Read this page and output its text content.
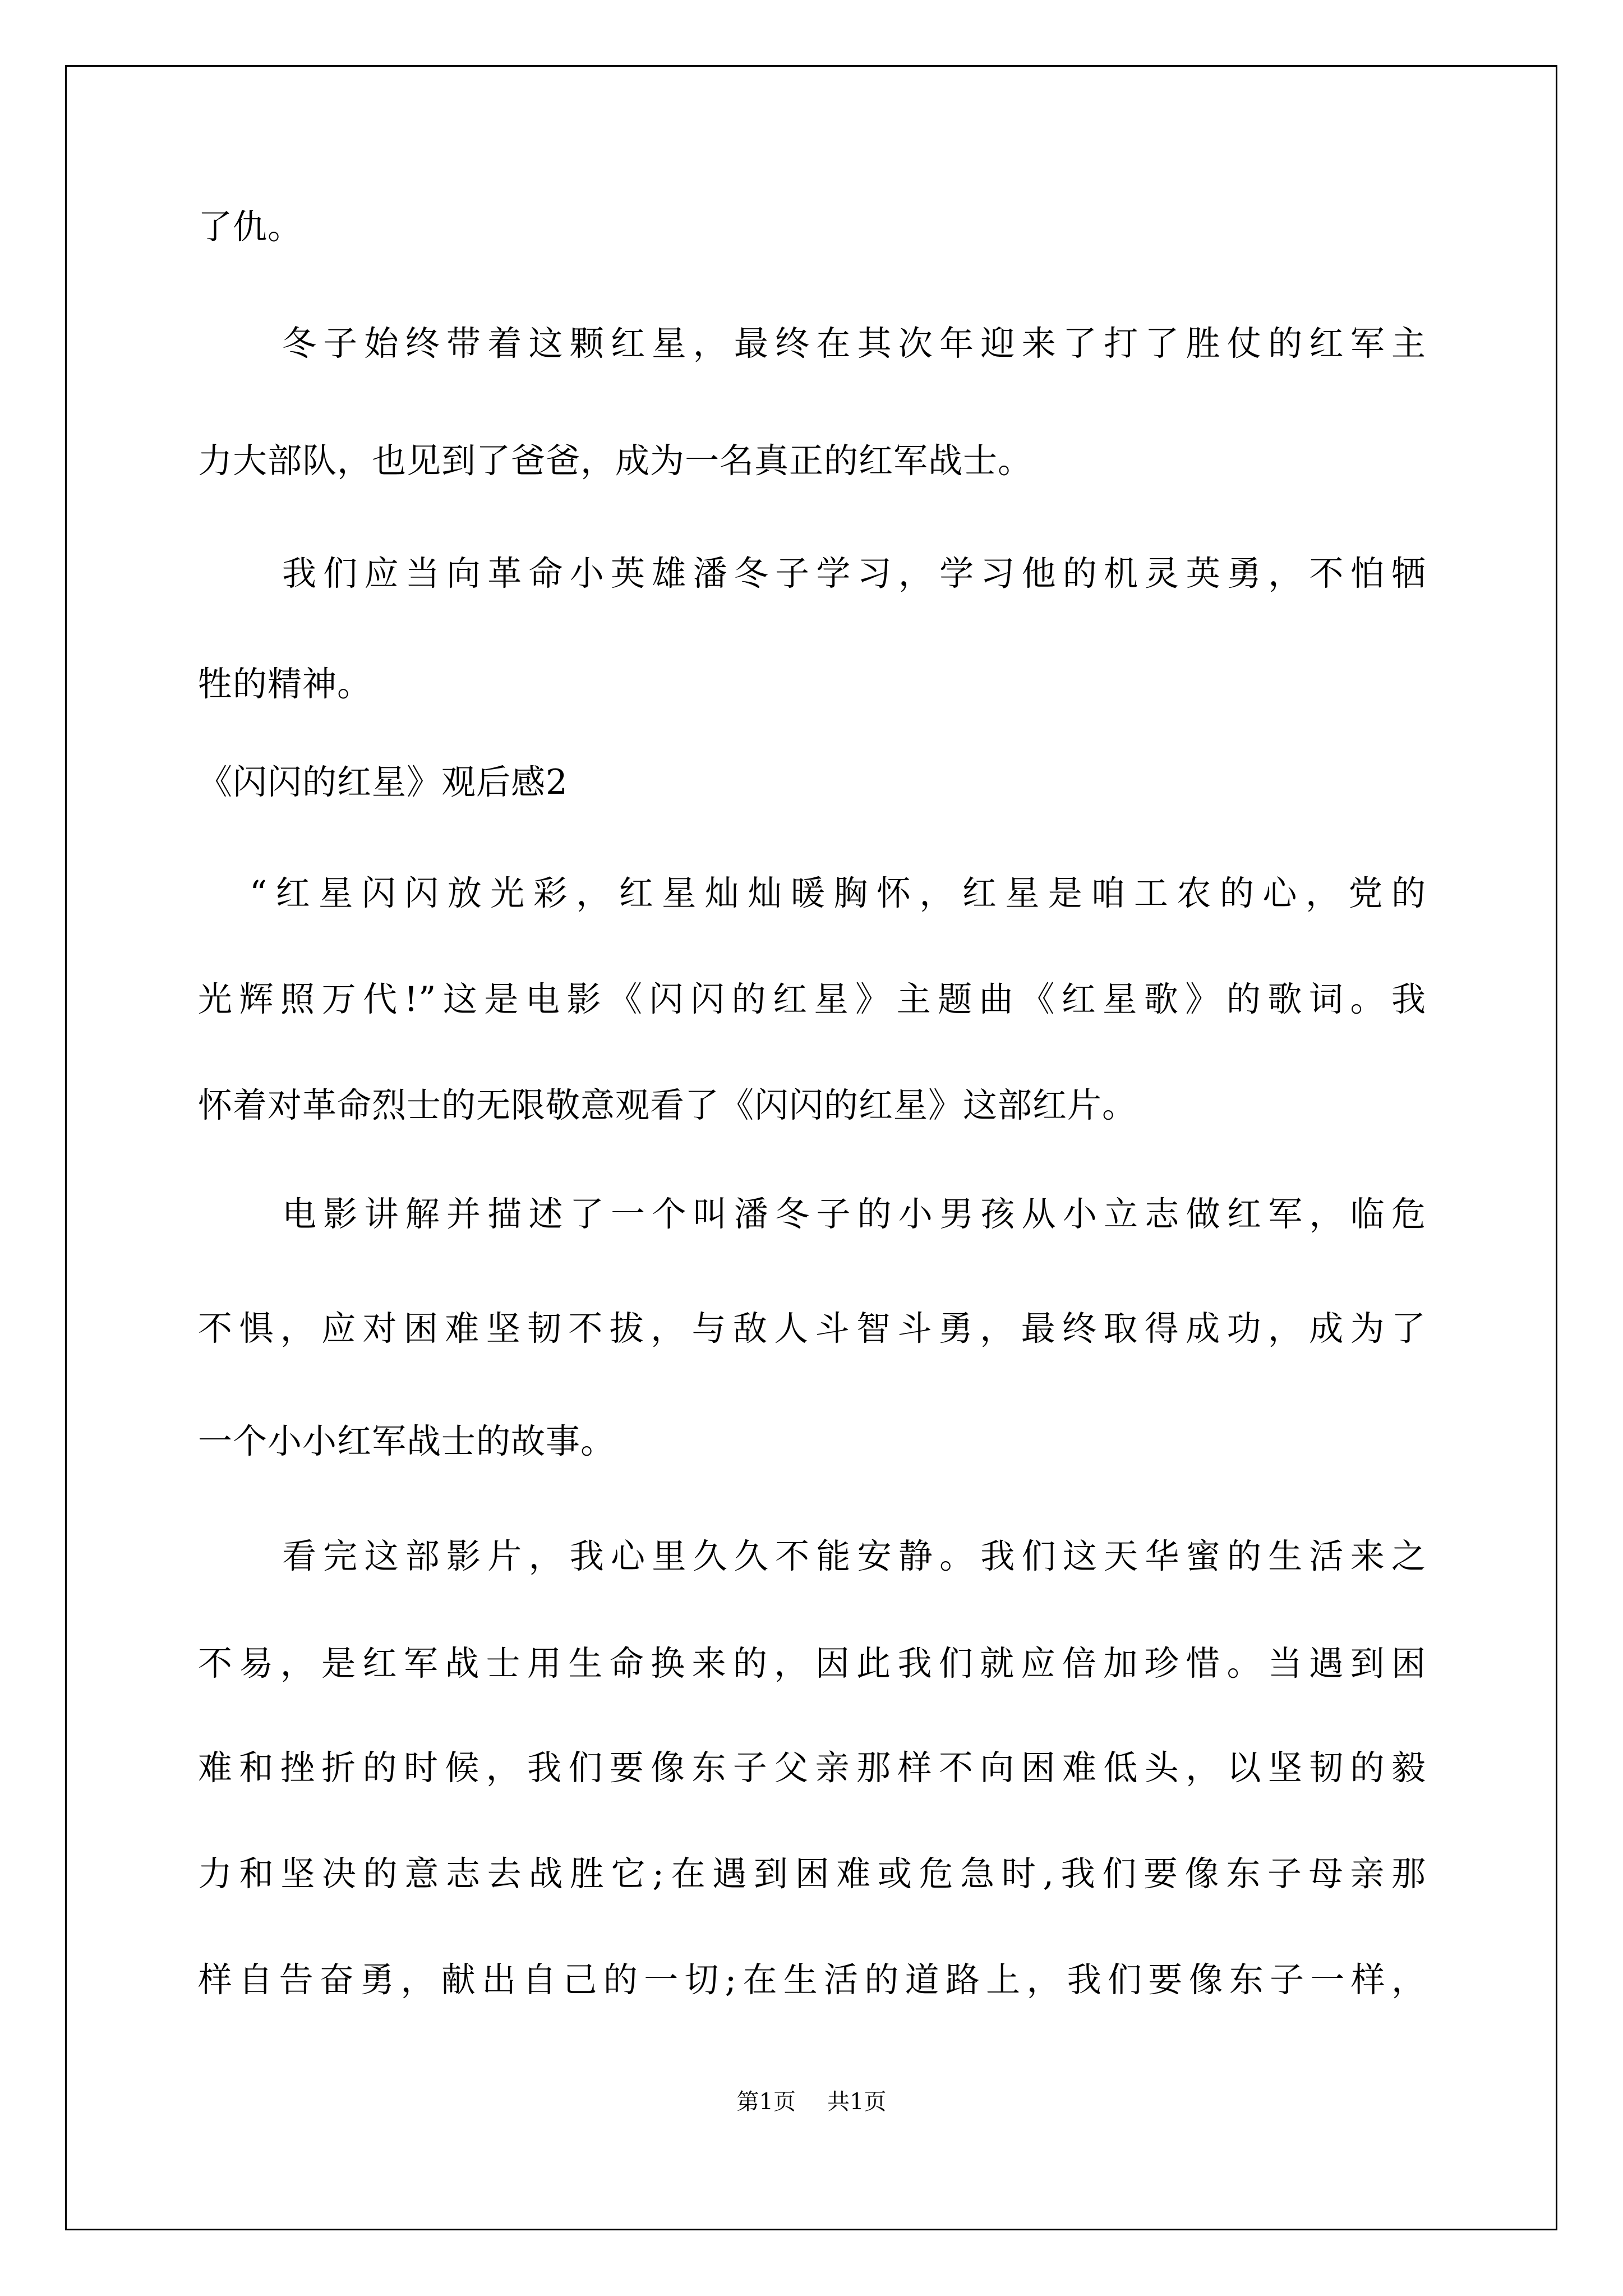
了仇。
冬子始终带着这颗红星，最终在其次年迎来了打了胜仗的红军主
力大部队，也见到了爸爸，成为一名真正的红军战士。
我们应当向革命小英雄潘冬子学习，学习他的机灵英勇，不怕牺
牲的精神。
《闪闪的红星》观后感2
“红星闪闪放光彩，红星灿灿暖胸怀，红星是咱工农的心，党的
光辉照万代!”这是电影《闪闪的红星》主题曲《红星歌》的歌词。我
怀着对革命烈士的无限敬意观看了《闪闪的红星》这部红片。
电影讲解并描述了一个叫潘冬子的小男孩从小立志做红军，临危
不惧，应对困难坚韧不拔，与敌人斗智斗勇，最终取得成功，成为了
一个小小红军战士的故事。
看完这部影片，我心里久久不能安静。我们这天华蜜的生活来之
不易，是红军战士用生命换来的，因此我们就应倍加珍惜。当遇到困
难和挫折的时候，我们要像东子父亲那样不向困难低头，以坚韧的毅
力和坚决的意志去战胜它;在遇到困难或危急时,我们要像东子母亲那
样自告奋勇，献出自己的一切;在生活的道路上，我们要像东子一样，
第1页 共1页
